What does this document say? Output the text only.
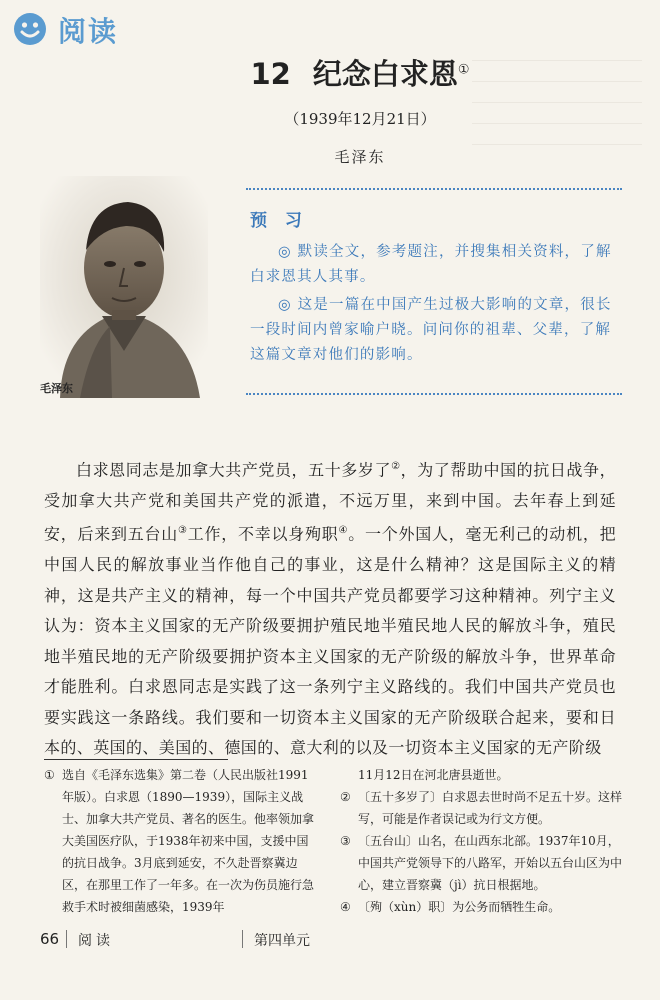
阅读
12 纪念白求恩①
（1939年12月21日）
毛泽东
毛泽东
预 习

◎ 默读全文，参考题注，并搜集相关资料，了解白求恩其人其事。

◎ 这是一篇在中国产生过极大影响的文章，很长一段时间内曾家喻户晓。问问你的祖辈、父辈，了解这篇文章对他们的影响。

白求恩同志是加拿大共产党员，五十多岁了②，为了帮助中国的抗日战争，受加拿大共产党和美国共产党的派遣，不远万里，来到中国。去年春上到延安，后来到五台山③工作，不幸以身殉职④。一个外国人，毫无利己的动机，把中国人民的解放事业当作他自己的事业，这是什么精神？这是国际主义的精神，这是共产主义的精神，每一个中国共产党员都要学习这种精神。列宁主义认为：资本主义国家的无产阶级要拥护殖民地半殖民地人民的解放斗争，殖民地半殖民地的无产阶级要拥护资本主义国家的无产阶级的解放斗争，世界革命才能胜利。白求恩同志是实践了这一条列宁主义路线的。我们中国共产党员也要实践这一条路线。我们要和一切资本主义国家的无产阶级联合起来，要和日本的、英国的、美国的、德国的、意大利的以及一切资本主义国家的无产阶级

① 选自《毛泽东选集》第二卷（人民出版社1991年版）。白求恩（1890—1939），国际主义战士、加拿大共产党员、著名的医生。他率领加拿大美国医疗队，于1938年初来中国，支援中国的抗日战争。3月底到延安，不久赴晋察冀边区，在那里工作了一年多。在一次为伤员施行急救手术时被细菌感染，1939年
11月12日在河北唐县逝世。
② 〔五十多岁了〕白求恩去世时尚不足五十岁。这样写，可能是作者误记或为行文方便。
③ 〔五台山〕山名，在山西东北部。1937年10月，中国共产党领导下的八路军，开始以五台山区为中心，建立晋察冀（jì）抗日根据地。
④ 〔殉（xùn）职〕为公务而牺牲生命。
66 阅读	第四单元
